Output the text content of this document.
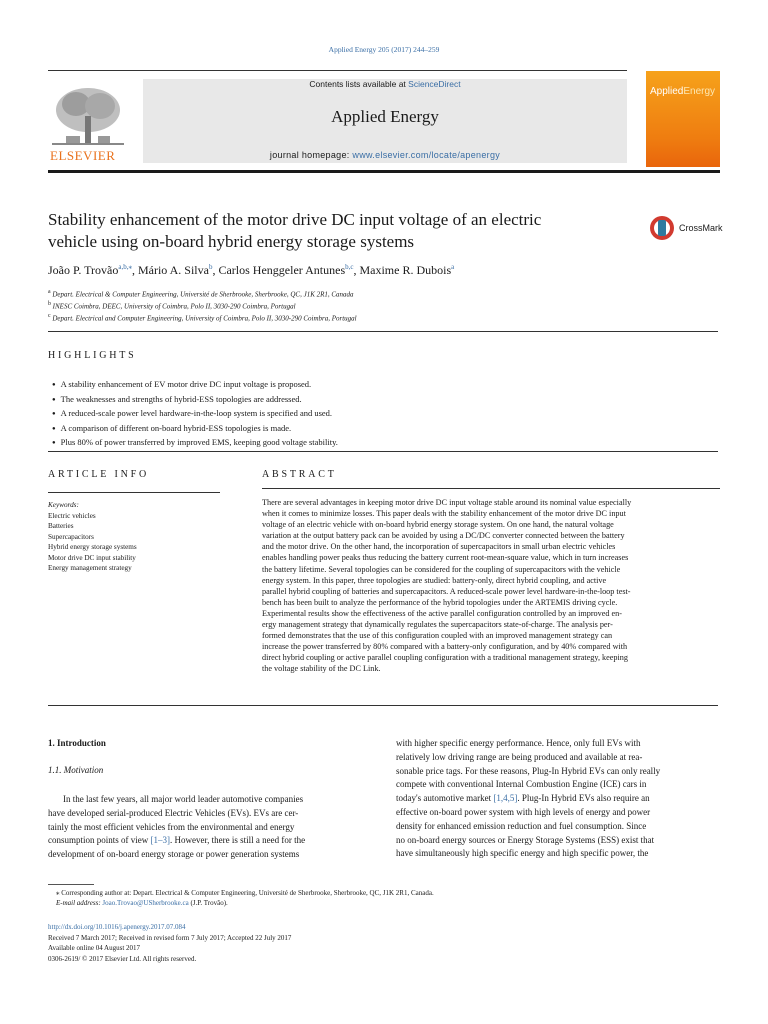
Applied Energy 205 (2017) 244–259
ELSEVIER
Contents lists available at ScienceDirect
Applied Energy
journal homepage: www.elsevier.com/locate/apenergy
AppliedEnergy
Stability enhancement of the motor drive DC input voltage of an electric
vehicle using on-board hybrid energy storage systems
CrossMark
João P. Trovão$^{a,b,⁎}$, Mário A. Silva$^b$, Carlos Henggeler Antunes$^{b,c}$, Maxime R. Dubois$^a$
$^a$ Depart. Electrical & Computer Engineering, Université de Sherbrooke, Sherbrooke, QC, J1K 2R1, Canada
$^b$ INESC Coimbra, DEEC, University of Coimbra, Polo II, 3030-290 Coimbra, Portugal
$^c$ Depart. Electrical and Computer Engineering, University of Coimbra, Polo II, 3030-290 Coimbra, Portugal
HIGHLIGHTS
● A stability enhancement of EV motor drive DC input voltage is proposed.
● The weaknesses and strengths of hybrid-ESS topologies are addressed.
● A reduced-scale power level hardware-in-the-loop system is specified and used.
● A comparison of different on-board hybrid-ESS topologies is made.
● Plus 80% of power transferred by improved EMS, keeping good voltage stability.
ARTICLE INFO
Keywords:
Electric vehicles
Batteries
Supercapacitors
Hybrid energy storage systems
Motor drive DC input stability
Energy management strategy
ABSTRACT
There are several advantages in keeping motor drive DC input voltage stable around its nominal value especially
when it comes to minimize losses. This paper deals with the stability enhancement of the motor drive DC input
voltage of an electric vehicle with on-board hybrid energy storage system. On one hand, the natural voltage
variation at the output battery pack can be avoided by using a DC/DC converter connected between the battery
and the motor drive. On the other hand, the incorporation of supercapacitors in small urban electric vehicles
enables handling power peaks thus reducing the battery current root-mean-square value, which in turn increases
the battery lifetime. Several topologies can be considered for the coupling of supercapacitors with the vehicle
energy system. In this paper, three topologies are studied: battery-only, direct hybrid coupling, and active
parallel hybrid coupling of batteries and supercapacitors. A reduced-scale power level hardware-in-the-loop test-
bench has been built to analyze the performance of the hybrid topologies under the ARTEMIS driving cycle.
Experimental results show the effectiveness of the active parallel configuration controlled by an improved en-
ergy management strategy that dynamically regulates the supercapacitors state-of-charge. The analysis per-
formed demonstrates that the use of this configuration coupled with an improved management strategy can
increase the power transferred by 80% compared with a battery-only configuration, and by 40% compared with
direct hybrid coupling or active parallel coupling configuration with a traditional management strategy, keeping
the voltage stability of the DC Link.
1. Introduction
1.1. Motivation
In the last few years, all major world leader automotive companies
have developed serial-produced Electric Vehicles (EVs). EVs are cer-
tainly the most efficient vehicles from the environmental and energy
consumption points of view [1–3]. However, there is still a need for the
development of on-board energy storage or power generation systems
with higher specific energy performance. Hence, only full EVs with
relatively low driving range are being produced and available at rea-
sonable price tags. For these reasons, Plug-In Hybrid EVs can only really
compete with conventional Internal Combustion Engine (ICE) cars in
today's automotive market [1,4,5]. Plug-In Hybrid EVs also require an
effective on-board power system with high levels of energy and power
density for enhanced emission reduction and fuel consumption. Since
no on-board energy sources or Energy Storage Systems (ESS) exist that
have simultaneously high specific energy and high specific power, the
⁎ Corresponding author at: Depart. Electrical & Computer Engineering, Université de Sherbrooke, Sherbrooke, QC, J1K 2R1, Canada.
E-mail address: Joao.Trovao@USherbrooke.ca (J.P. Trovão).
http://dx.doi.org/10.1016/j.apenergy.2017.07.084
Received 7 March 2017; Received in revised form 7 July 2017; Accepted 22 July 2017
Available online 04 August 2017
0306-2619/ © 2017 Elsevier Ltd. All rights reserved.
